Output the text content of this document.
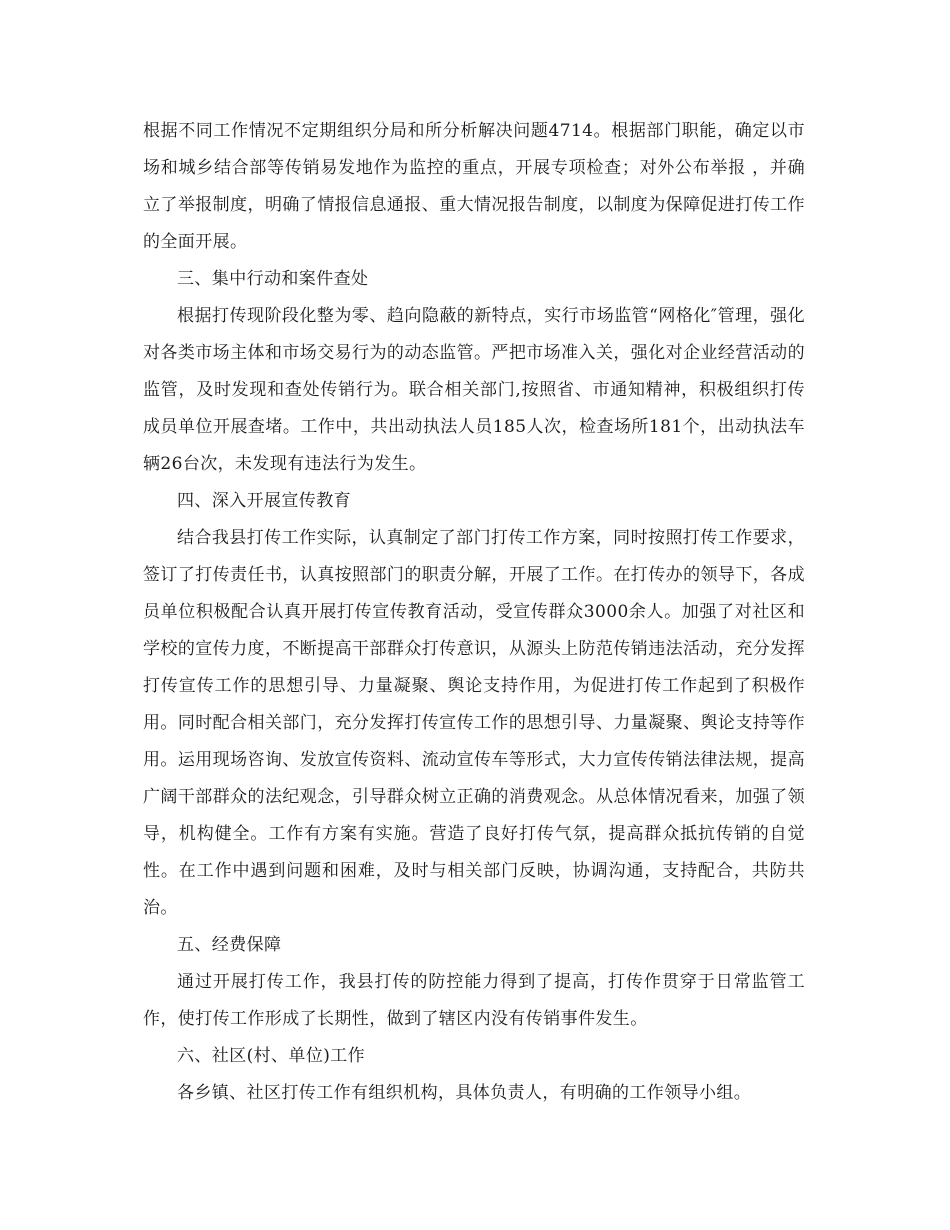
根据不同工作情况不定期组织分局和所分析解决问题4714。根据部门职能，确定以市场和城乡结合部等传销易发地作为监控的重点，开展专项检查；对外公布举报 ，并确立了举报制度，明确了情报信息通报、重大情况报告制度，以制度为保障促进打传工作的全面开展。

三、集中行动和案件查处

根据打传现阶段化整为零、趋向隐蔽的新特点，实行市场监管“网格化″管理，强化对各类市场主体和市场交易行为的动态监管。严把市场准入关，强化对企业经营活动的监管，及时发现和查处传销行为。联合相关部门,按照省、市通知精神，积极组织打传成员单位开展查堵。工作中，共出动执法人员185人次，检查场所181个，出动执法车辆26台次，未发现有违法行为发生。

四、深入开展宣传教育

结合我县打传工作实际，认真制定了部门打传工作方案，同时按照打传工作要求，签订了打传责任书，认真按照部门的职责分解，开展了工作。在打传办的领导下，各成员单位积极配合认真开展打传宣传教育活动，受宣传群众3000余人。加强了对社区和学校的宣传力度，不断提高干部群众打传意识，从源头上防范传销违法活动，充分发挥打传宣传工作的思想引导、力量凝聚、舆论支持作用，为促进打传工作起到了积极作用。同时配合相关部门，充分发挥打传宣传工作的思想引导、力量凝聚、舆论支持等作用。运用现场咨询、发放宣传资料、流动宣传车等形式，大力宣传传销法律法规，提高广阔干部群众的法纪观念，引导群众树立正确的消费观念。从总体情况看来，加强了领导，机构健全。工作有方案有实施。营造了良好打传气氛，提高群众抵抗传销的自觉性。在工作中遇到问题和困难，及时与相关部门反映，协调沟通，支持配合，共防共治。

五、经费保障

通过开展打传工作，我县打传的防控能力得到了提高，打传作贯穿于日常监管工作，使打传工作形成了长期性，做到了辖区内没有传销事件发生。

六、社区(村、单位)工作

各乡镇、社区打传工作有组织机构，具体负责人，有明确的工作领导小组。
